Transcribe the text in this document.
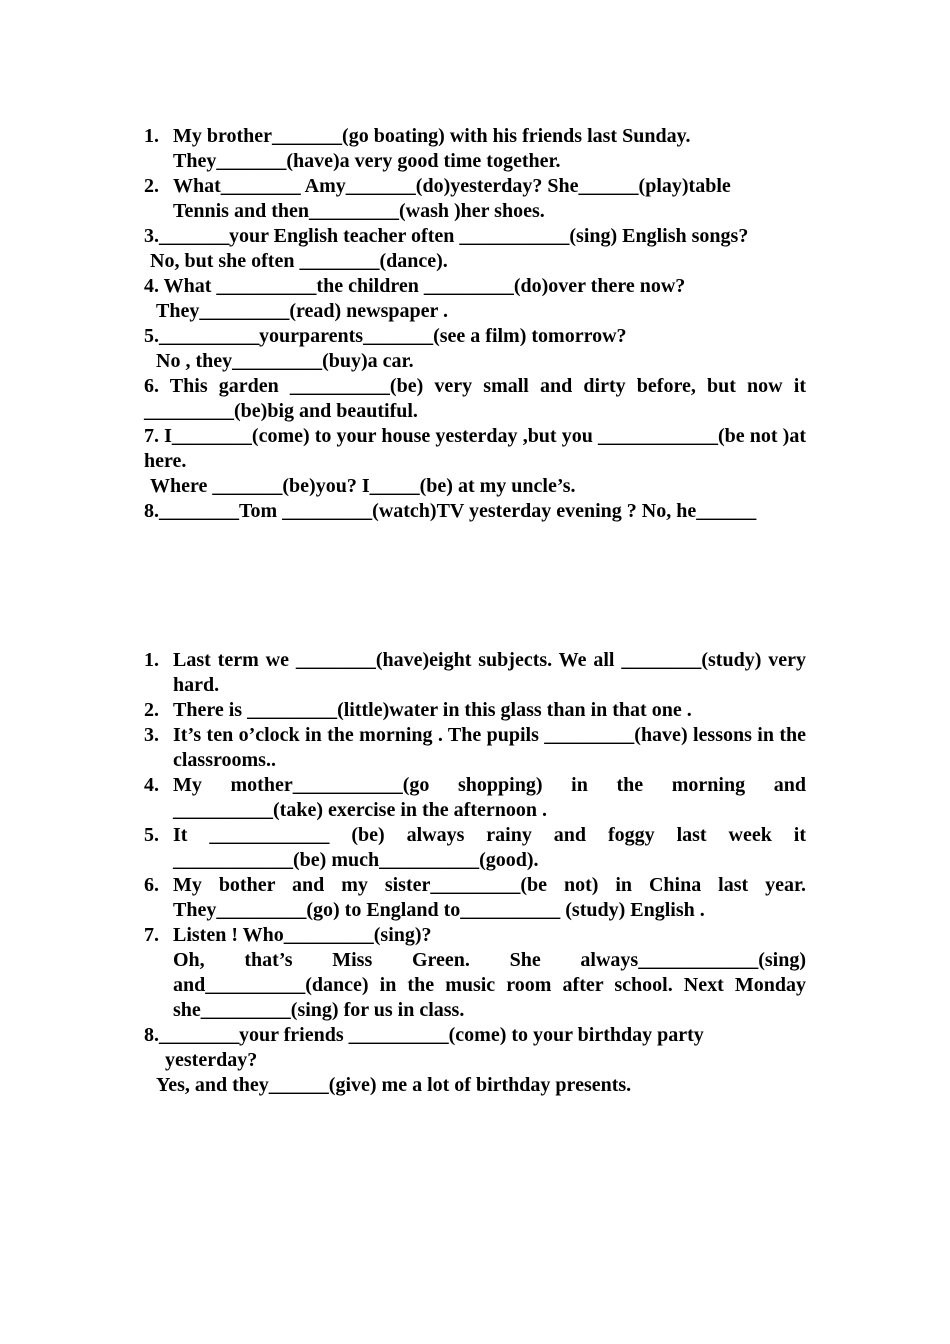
1. My brother_______(go boating) with his friends last Sunday.
They_______(have)a very good time together.
2. What________ Amy_______(do)yesterday? She______(play)table
Tennis and then_________(wash )her shoes.
3._______your English teacher often ___________(sing) English songs?
No, but she often ________(dance).
4. What __________the children _________(do)over there now?
They_________(read) newspaper .
5.__________yourparents_______(see a film) tomorrow?
No , they_________(buy)a car.
6. This garden __________(be) very small and dirty before, but now it _________(be)big and beautiful.
7. I________(come) to your house yesterday ,but you ____________(be not )at here.
Where _______(be)you? I_____(be) at my uncle’s.
8.________Tom _________(watch)TV yesterday evening ? No, he______
1. Last term we ________(have)eight subjects. We all ________(study) very hard.
2. There is _________(little)water in this glass than in that one .
3. It’s ten o’clock in the morning . The pupils _________(have) lessons in the classrooms..
4. My mother___________(go shopping) in the morning and __________(take) exercise in the afternoon .
5. It ____________ (be) always rainy and foggy last week it ____________(be) much__________(good).
6. My bother and my sister_________(be not) in China last year. They_________(go) to England to__________ (study) English .
7. Listen ! Who_________(sing)?
Oh, that’s Miss Green. She always____________(sing) and__________(dance) in the music room after school. Next Monday she_________(sing) for us in class.
8.________your friends __________(come) to your birthday party
yesterday?
Yes, and they______(give) me a lot of birthday presents.
